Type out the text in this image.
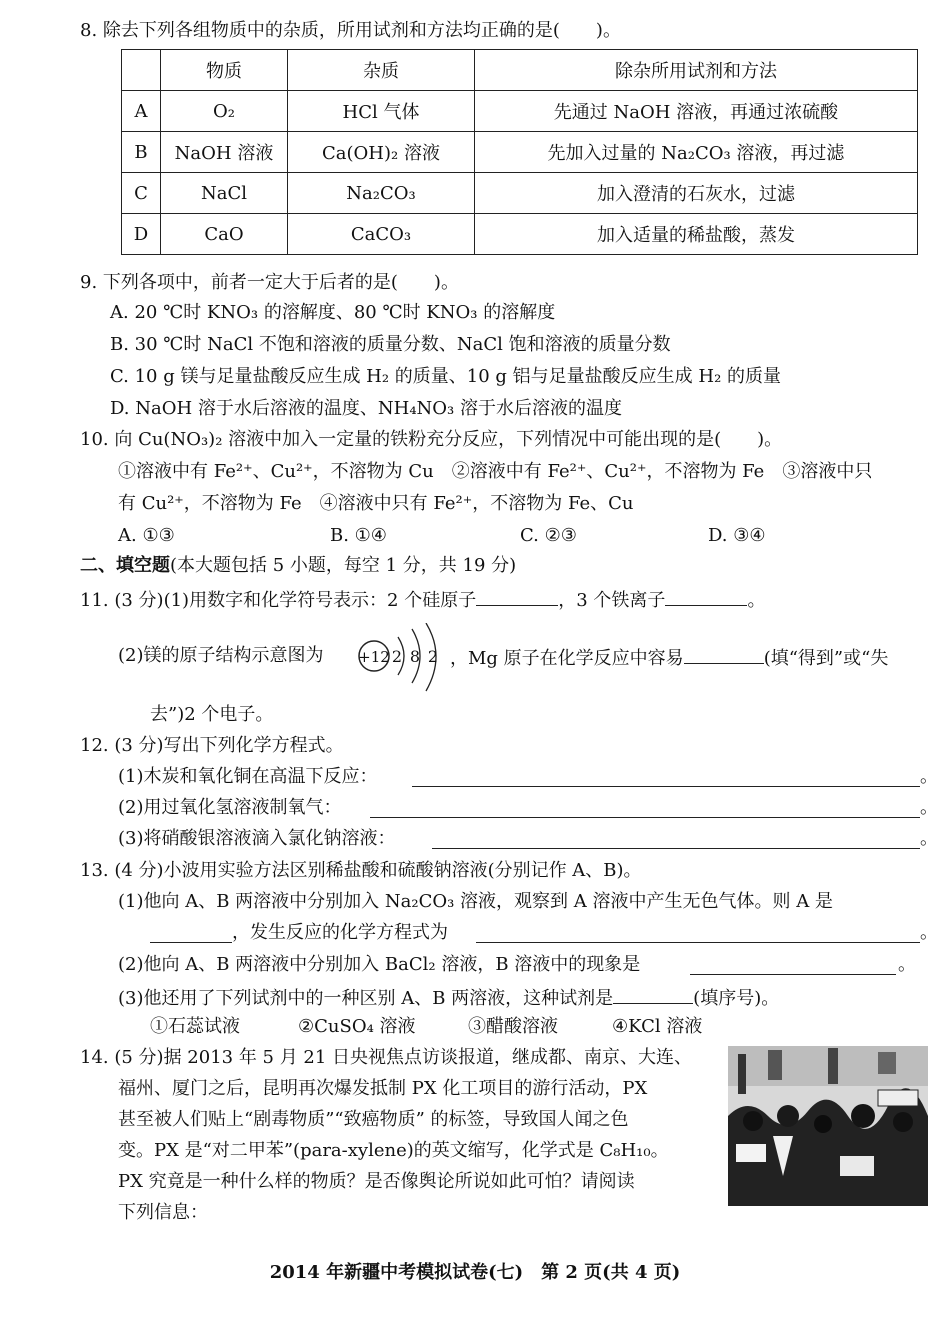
8. 除去下列各组物质中的杂质，所用试剂和方法均正确的是(　　)。
	物质	杂质	除杂所用试剂和方法
A	O₂	HCl 气体	先通过 NaOH 溶液，再通过浓硫酸
B	NaOH 溶液	Ca(OH)₂ 溶液	先加入过量的 Na₂CO₃ 溶液，再过滤
C	NaCl	Na₂CO₃	加入澄清的石灰水，过滤
D	CaO	CaCO₃	加入适量的稀盐酸，蒸发
9. 下列各项中，前者一定大于后者的是(　　)。
A. 20 ℃时 KNO₃ 的溶解度、80 ℃时 KNO₃ 的溶解度
B. 30 ℃时 NaCl 不饱和溶液的质量分数、NaCl 饱和溶液的质量分数
C. 10 g 镁与足量盐酸反应生成 H₂ 的质量、10 g 铝与足量盐酸反应生成 H₂ 的质量
D. NaOH 溶于水后溶液的温度、NH₄NO₃ 溶于水后溶液的温度
10. 向 Cu(NO₃)₂ 溶液中加入一定量的铁粉充分反应，下列情况中可能出现的是(　　)。
①溶液中有 Fe²⁺、Cu²⁺，不溶物为 Cu　②溶液中有 Fe²⁺、Cu²⁺，不溶物为 Fe　③溶液中只
有 Cu²⁺，不溶物为 Fe　④溶液中只有 Fe²⁺，不溶物为 Fe、Cu
A. ①③	B. ①④	C. ②③	D. ③④
二、填空题(本大题包括 5 小题，每空 1 分，共 19 分)
11. (3 分)(1)用数字和化学符号表示：2 个硅原子	，3 个铁离子	。
(2)镁的原子结构示意图为 +12 2 8 2 ，Mg 原子在化学反应中容易	(填“得到”或“失
去”)2 个电子。
12. (3 分)写出下列化学方程式。
(1)木炭和氧化铜在高温下反应：	。
(2)用过氧化氢溶液制氧气：	。
(3)将硝酸银溶液滴入氯化钠溶液：	。
13. (4 分)小波用实验方法区别稀盐酸和硫酸钠溶液(分别记作 A、B)。
(1)他向 A、B 两溶液中分别加入 Na₂CO₃ 溶液，观察到 A 溶液中产生无色气体。则 A 是
，发生反应的化学方程式为	。
(2)他向 A、B 两溶液中分别加入 BaCl₂ 溶液，B 溶液中的现象是	。
(3)他还用了下列试剂中的一种区别 A、B 两溶液，这种试剂是	(填序号)。
①石蕊试液	②CuSO₄ 溶液	③醋酸溶液	④KCl 溶液
14. (5 分)据 2013 年 5 月 21 日央视焦点访谈报道，继成都、南京、大连、
福州、厦门之后，昆明再次爆发抵制 PX 化工项目的游行活动，PX
甚至被人们贴上“剧毒物质”“致癌物质” 的标签，导致国人闻之色
变。PX 是“对二甲苯”(para-xylene)的英文缩写，化学式是 C₈H₁₀。
PX 究竟是一种什么样的物质？是否像舆论所说如此可怕？请阅读
下列信息：
2014 年新疆中考模拟试卷(七)　第 2 页(共 4 页)
